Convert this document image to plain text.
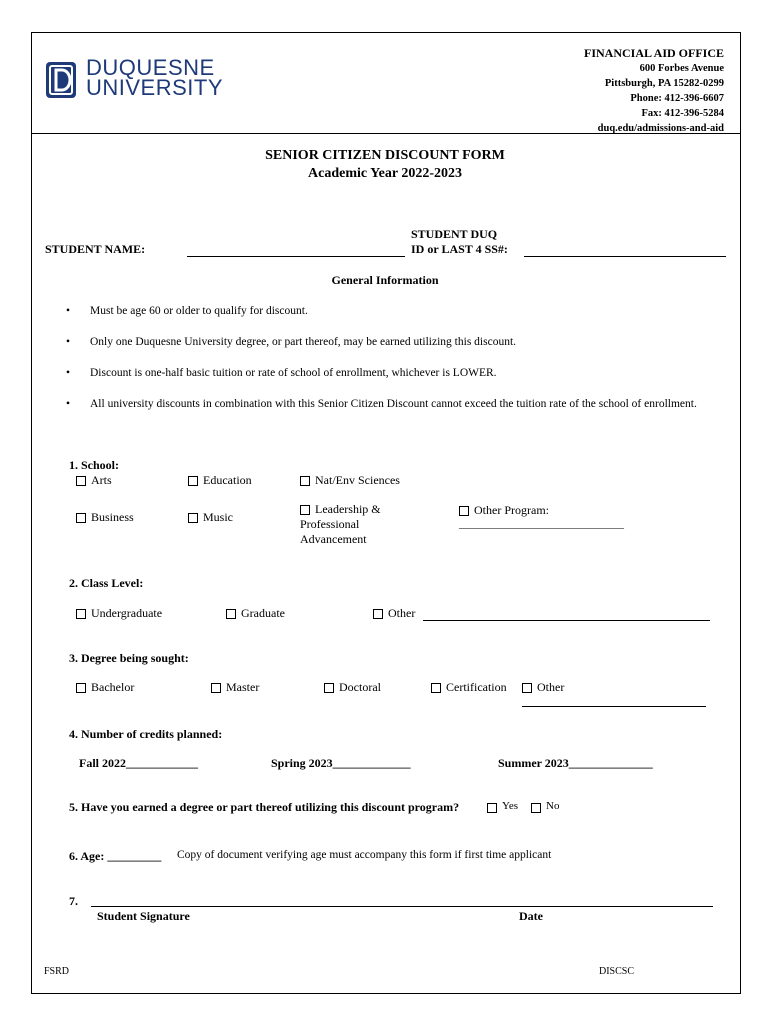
DUQUESNE
UNIVERSITY
FINANCIAL AID OFFICE
600 Forbes Avenue
Pittsburgh, PA 15282-0299
Phone: 412-396-6607
Fax: 412-396-5284
duq.edu/admissions-and-aid
SENIOR CITIZEN DISCOUNT FORM
Academic Year 2022-2023
STUDENT NAME:
STUDENT DUQ
ID or LAST 4 SS#:
General Information
• Must be age 60 or older to qualify for discount.
• Only one Duquesne University degree, or part thereof, may be earned utilizing this discount.
• Discount is one-half basic tuition or rate of school of enrollment, whichever is LOWER.
• All university discounts in combination with this Senior Citizen Discount cannot exceed the tuition rate of the school of enrollment.
1. School:
Arts	Education	Nat/Env Sciences
Business	Music
Leadership &
Professional
Advancement
Other Program:
______________________________
2. Class Level:
Undergraduate	Graduate	Other
3. Degree being sought:
Bachelor	Master	Doctoral	Certification	Other
4. Number of credits planned:
Fall 2022____________	Spring 2023_____________	Summer 2023______________
5. Have you earned a degree or part thereof utilizing this discount program?	Yes	No
6. Age: _________ Copy of document verifying age must accompany this form if first time applicant
7.
Student Signature	Date
FSRD	DISCSC
